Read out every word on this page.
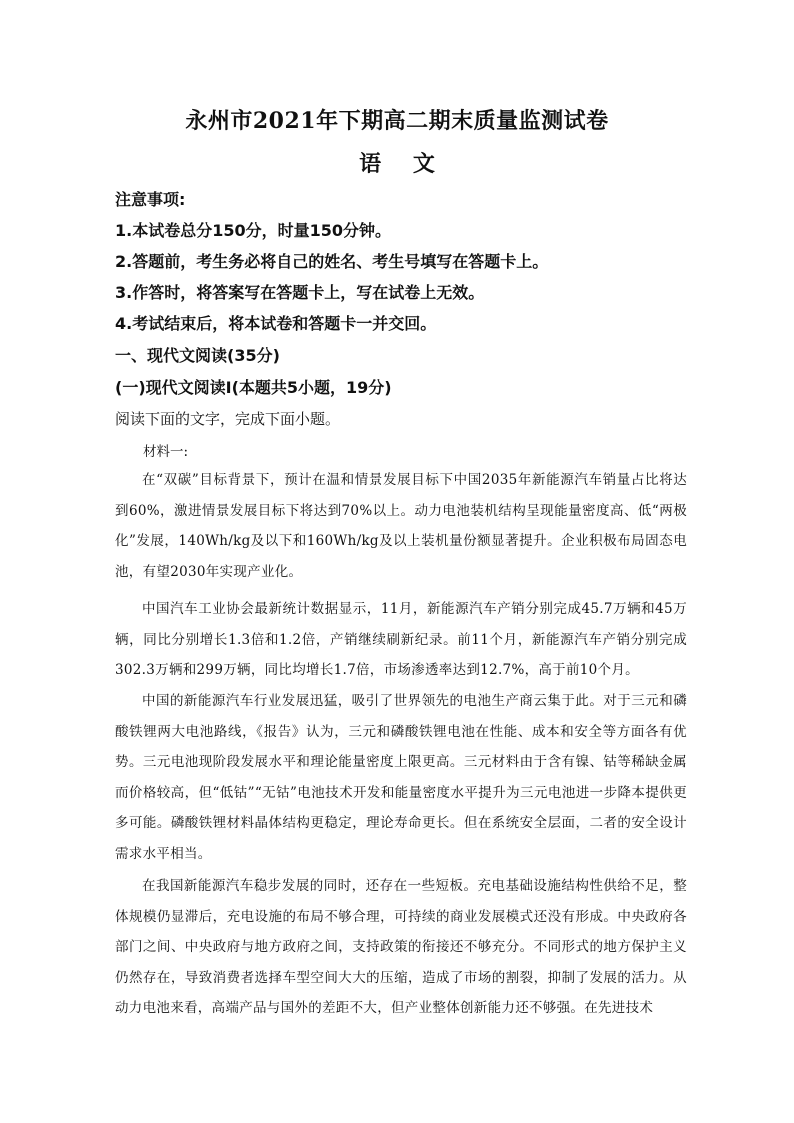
永州市2021年下期高二期末质量监测试卷
语 文
注意事项:
1.本试卷总分150分，时量150分钟。
2.答题前，考生务必将自己的姓名、考生号填写在答题卡上。
3.作答时，将答案写在答题卡上，写在试卷上无效。
4.考试结束后，将本试卷和答题卡一并交回。
一、现代文阅读(35分)
(一)现代文阅读Ⅰ(本题共5小题，19分)
阅读下面的文字，完成下面小题。
材料一:
在“双碳”目标背景下，预计在温和情景发展目标下中国2035年新能源汽车销量占比将达到60%，激进情景发展目标下将达到70%以上。动力电池装机结构呈现能量密度高、低“两极化”发展，140Wh/kg及以下和160Wh/kg及以上装机量份额显著提升。企业积极布局固态电池，有望2030年实现产业化。
中国汽车工业协会最新统计数据显示，11月，新能源汽车产销分别完成45.7万辆和45万辆，同比分别增长1.3倍和1.2倍，产销继续刷新纪录。前11个月，新能源汽车产销分别完成302.3万辆和299万辆，同比均增长1.7倍，市场渗透率达到12.7%，高于前10个月。
中国的新能源汽车行业发展迅猛，吸引了世界领先的电池生产商云集于此。对于三元和磷酸铁锂两大电池路线，《报告》认为，三元和磷酸铁锂电池在性能、成本和安全等方面各有优势。三元电池现阶段发展水平和理论能量密度上限更高。三元材料由于含有镍、钴等稀缺金属而价格较高，但“低钴”“无钴”电池技术开发和能量密度水平提升为三元电池进一步降本提供更多可能。磷酸铁锂材料晶体结构更稳定，理论寿命更长。但在系统安全层面，二者的安全设计需求水平相当。
在我国新能源汽车稳步发展的同时，还存在一些短板。充电基础设施结构性供给不足，整体规模仍显滞后，充电设施的布局不够合理，可持续的商业发展模式还没有形成。中央政府各部门之间、中央政府与地方政府之间，支持政策的衔接还不够充分。不同形式的地方保护主义仍然存在，导致消费者选择车型空间大大的压缩，造成了市场的割裂，抑制了发展的活力。从动力电池来看，高端产品与国外的差距不大，但产业整体创新能力还不够强。在先进技术
